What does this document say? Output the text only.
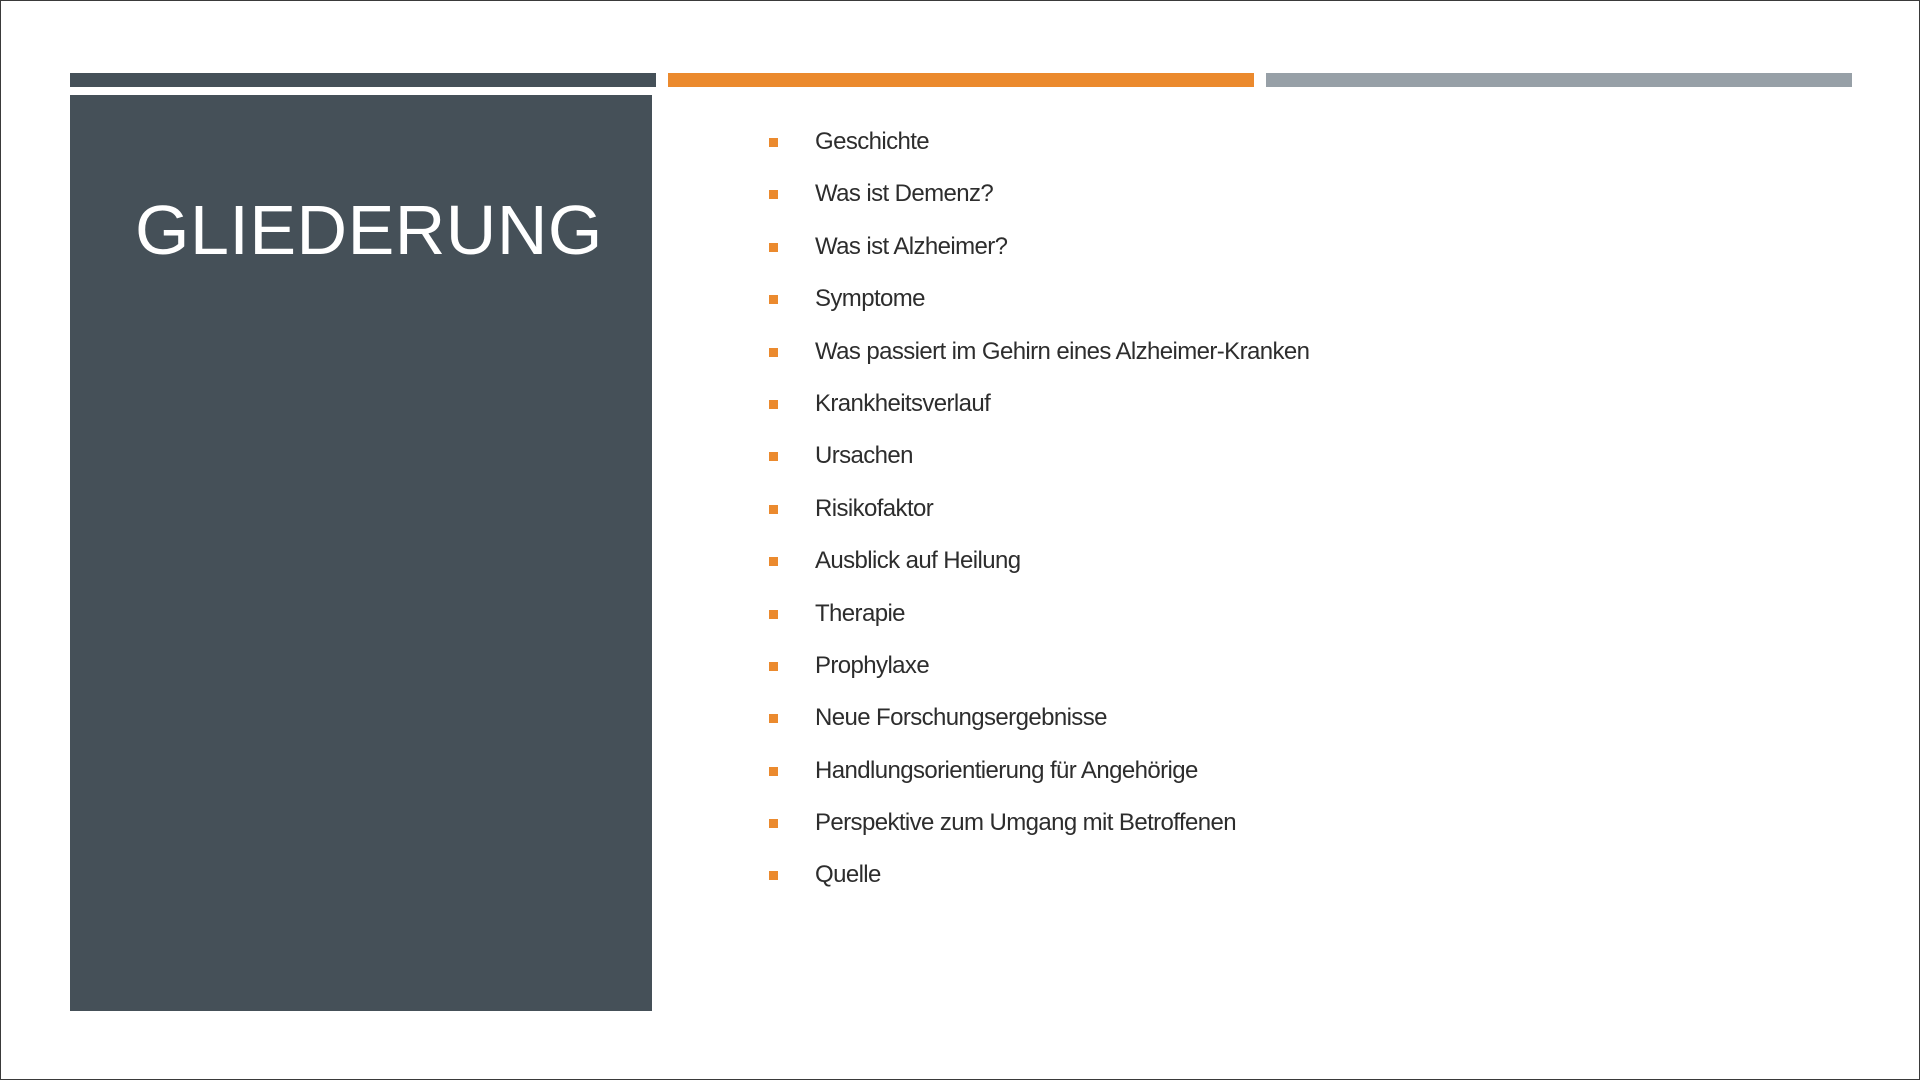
GLIEDERUNG
Geschichte
Was ist Demenz?
Was ist Alzheimer?
Symptome
Was passiert im Gehirn eines Alzheimer-Kranken
Krankheitsverlauf
Ursachen
Risikofaktor
Ausblick auf Heilung
Therapie
Prophylaxe
Neue Forschungsergebnisse
Handlungsorientierung für Angehörige
Perspektive zum Umgang mit Betroffenen
Quelle
